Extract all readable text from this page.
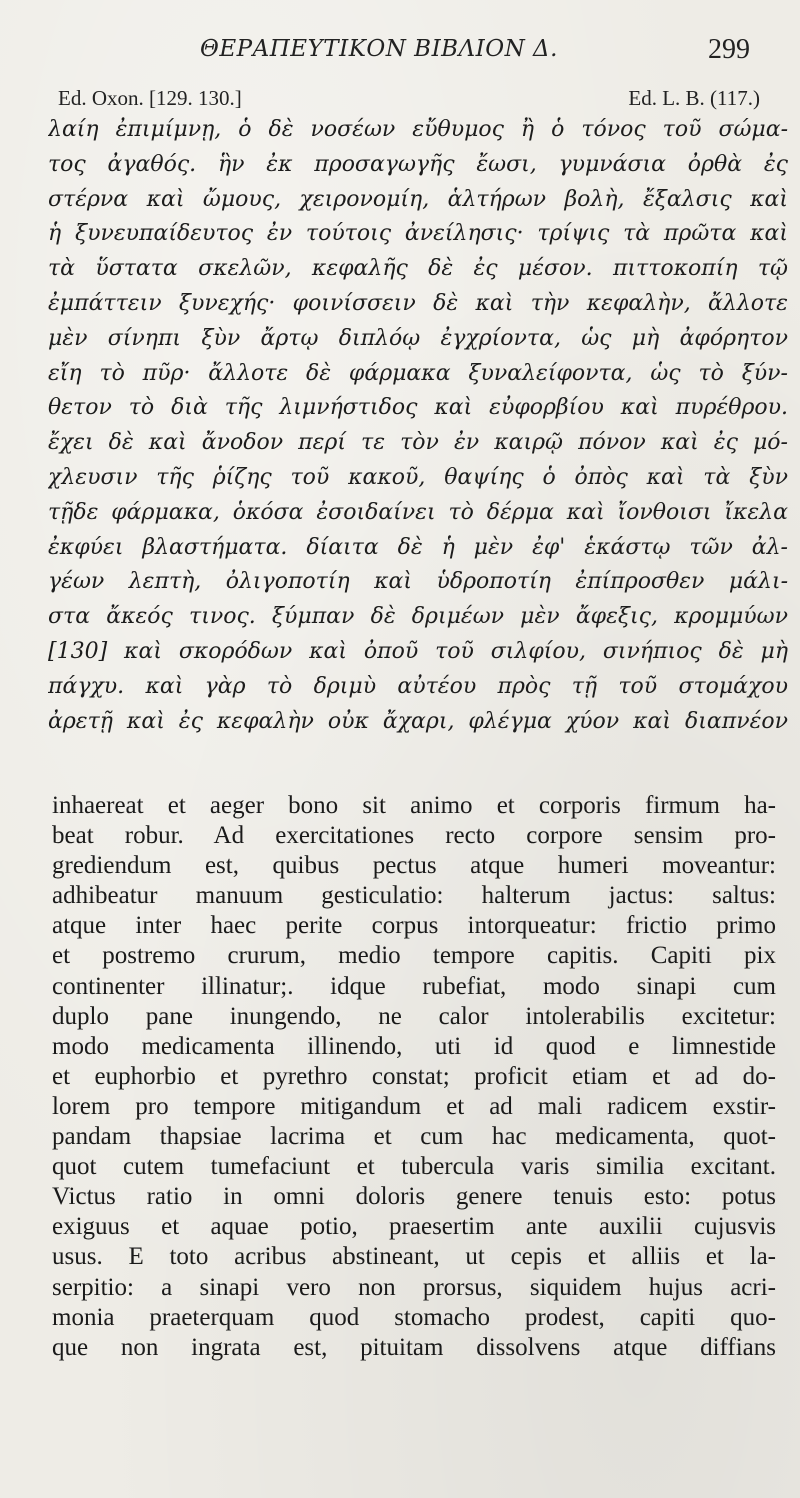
ΘΕΡΑΠΕΥΤΙΚΟΝ ΒΙΒΛΙΟΝ Δ.	299
Ed. Oxon. [129. 130.]	Ed. L. B. (117.)
λαίη ἐπιμίμνῃ, ὁ δὲ νοσέων εὔθυμος ἢ ὁ τόνος τοῦ σώμα-
τος ἀγαθός. ἣν ἐκ προσαγωγῆς ἔωσι, γυμνάσια ὀρθὰ ἐς
στέρνα καὶ ὤμους, χειρονομίη, ἁλτήρων βολὴ, ἔξαλσις καὶ
ἡ ξυνευπαίδευτος ἐν τούτοις ἀνείλησις· τρίψις τὰ πρῶτα καὶ
τὰ ὕστατα σκελῶν, κεφαλῆς δὲ ἐς μέσον. πιττοκοπίη τῷ
ἐμπάττειν ξυνεχής· φοινίσσειν δὲ καὶ τὴν κεφαλὴν, ἄλλοτε
μὲν σίνηπι ξὺν ἄρτῳ διπλόῳ ἐγχρίοντα, ὡς μὴ ἀφόρητον
εἴη τὸ πῦρ· ἄλλοτε δὲ φάρμακα ξυναλείφοντα, ὡς τὸ ξύν-
θετον τὸ διὰ τῆς λιμνήστιδος καὶ εὐφορβίου καὶ πυρέθρου.
ἔχει δὲ καὶ ἄνοδον περί τε τὸν ἐν καιρῷ πόνον καὶ ἐς μό-
χλευσιν τῆς ῥίζης τοῦ κακοῦ, θαψίης ὁ ὀπὸς καὶ τὰ ξὺν
τῇδε φάρμακα, ὁκόσα ἐσοιδαίνει τὸ δέρμα καὶ ἴονθοισι ἴκελα
ἐκφύει βλαστήματα. δίαιτα δὲ ἡ μὲν ἐφ' ἑκάστῳ τῶν ἀλ-
γέων λεπτὴ, ὀλιγοποτίη καὶ ὑδροποτίη ἐπίπροσθεν μάλι-
στα ἄκεός τινος. ξύμπαν δὲ δριμέων μὲν ἄφεξις, κρομμύων
[130] καὶ σκορόδων καὶ ὀποῦ τοῦ σιλφίου, σινήπιος δὲ μὴ
πάγχυ. καὶ γὰρ τὸ δριμὺ αὐτέου πρὸς τῇ τοῦ στομάχου
ἀρετῇ καὶ ἐς κεφαλὴν οὐκ ἄχαρι, φλέγμα χύον καὶ διαπνέον
inhaereat et aeger bono sit animo et corporis firmum ha-
beat robur. Ad exercitationes recto corpore sensim pro-
grediendum est, quibus pectus atque humeri moveantur:
adhibeatur manuum gesticulatio: halterum jactus: saltus:
atque inter haec perite corpus intorqueatur: frictio primo
et postremo crurum, medio tempore capitis. Capiti pix
continenter illinatur;. idque rubefiat, modo sinapi cum
duplo pane inungendo, ne calor intolerabilis excitetur:
modo medicamenta illinendo, uti id quod e limnestide
et euphorbio et pyrethro constat; proficit etiam et ad do-
lorem pro tempore mitigandum et ad mali radicem exstir-
pandam thapsiae lacrima et cum hac medicamenta, quot-
quot cutem tumefaciunt et tubercula varis similia excitant.
Victus ratio in omni doloris genere tenuis esto: potus
exiguus et aquae potio, praesertim ante auxilii cujusvis
usus. E toto acribus abstineant, ut cepis et alliis et la-
serpitio: a sinapi vero non prorsus, siquidem hujus acri-
monia praeterquam quod stomacho prodest, capiti quo-
que non ingrata est, pituitam dissolvens atque diffians
